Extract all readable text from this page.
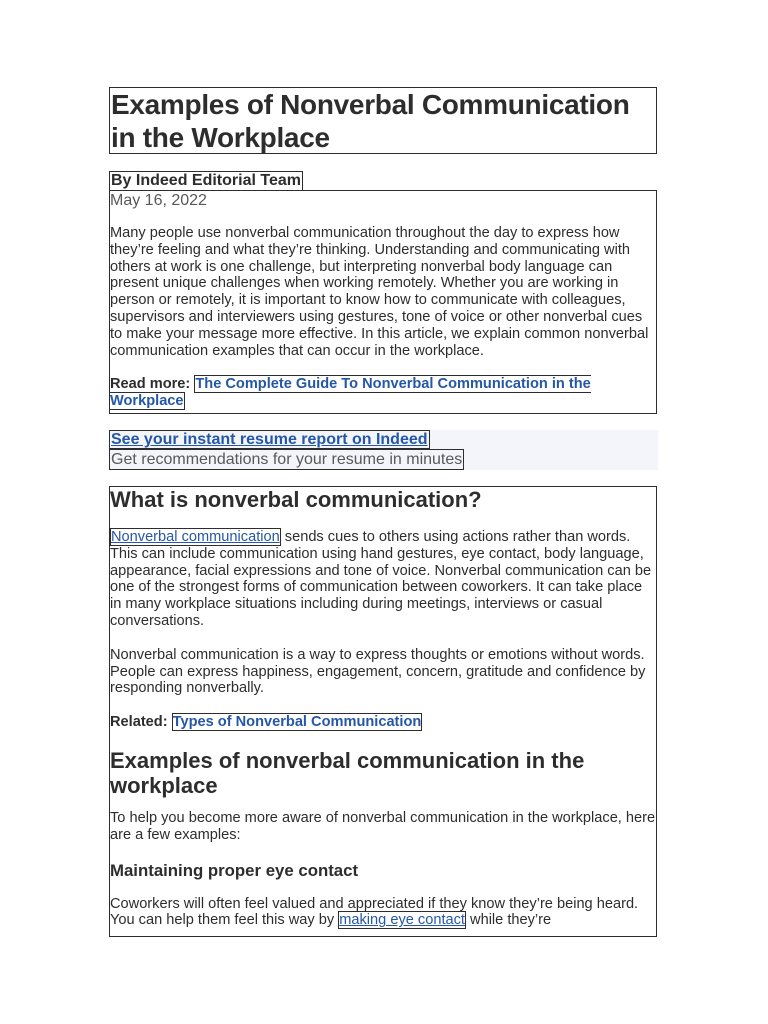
Examples of Nonverbal Communication in the Workplace
By Indeed Editorial Team

May 16, 2022

Many people use nonverbal communication throughout the day to express how they’re feeling and what they’re thinking. Understanding and communicating with others at work is one challenge, but interpreting nonverbal body language can present unique challenges when working remotely. Whether you are working in person or remotely, it is important to know how to communicate with colleagues, supervisors and interviewers using gestures, tone of voice or other nonverbal cues to make your message more effective. In this article, we explain common nonverbal communication examples that can occur in the workplace.

Read more: The Complete Guide To Nonverbal Communication in the Workplace

See your instant resume report on Indeed
Get recommendations for your resume in minutes
What is nonverbal communication?

Nonverbal communication sends cues to others using actions rather than words. This can include communication using hand gestures, eye contact, body language, appearance, facial expressions and tone of voice. Nonverbal communication can be one of the strongest forms of communication between coworkers. It can take place in many workplace situations including during meetings, interviews or casual conversations.

Nonverbal communication is a way to express thoughts or emotions without words. People can express happiness, engagement, concern, gratitude and confidence by responding nonverbally.

Related: Types of Nonverbal Communication

Examples of nonverbal communication in the workplace

To help you become more aware of nonverbal communication in the workplace, here are a few examples:

Maintaining proper eye contact

Coworkers will often feel valued and appreciated if they know they’re being heard. You can help them feel this way by making eye contact while they’re
